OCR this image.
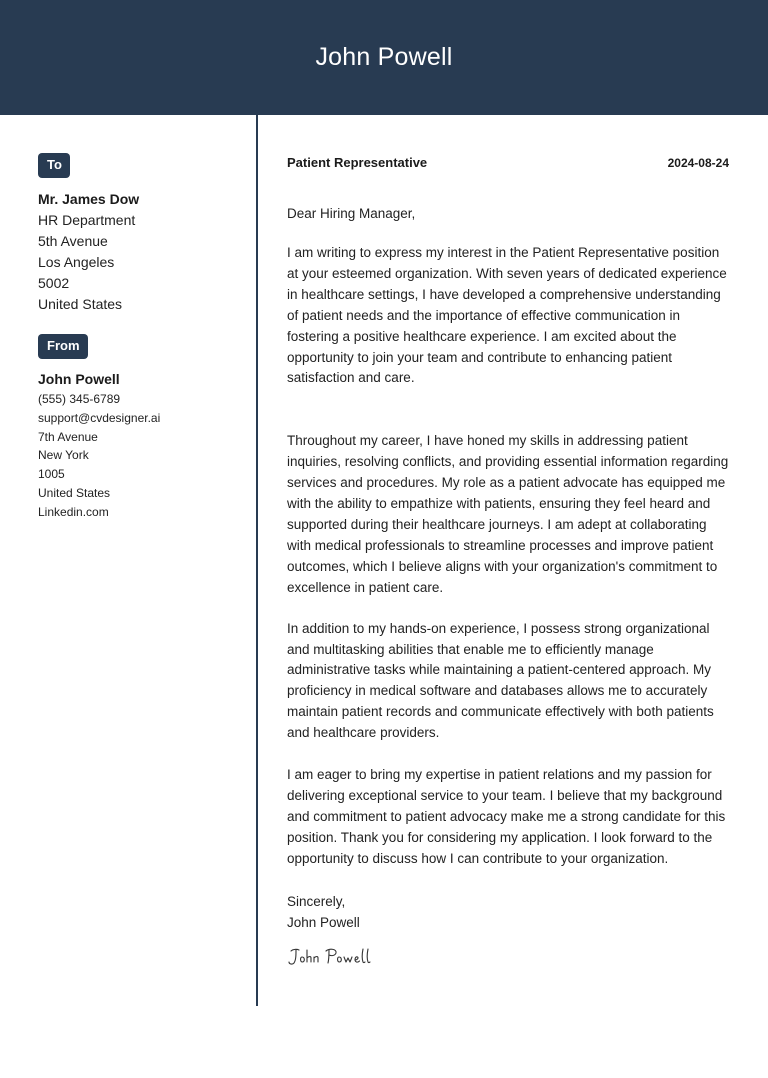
John Powell
To
Mr. James Dow
HR Department
5th Avenue
Los Angeles
5002
United States
From
John Powell
(555) 345-6789
support@cvdesigner.ai
7th Avenue
New York
1005
United States
Linkedin.com
Patient Representative	2024-08-24
Dear Hiring Manager,

I am writing to express my interest in the Patient Representative position at your esteemed organization. With seven years of dedicated experience in healthcare settings, I have developed a comprehensive understanding of patient needs and the importance of effective communication in fostering a positive healthcare experience. I am excited about the opportunity to join your team and contribute to enhancing patient satisfaction and care.

Throughout my career, I have honed my skills in addressing patient inquiries, resolving conflicts, and providing essential information regarding services and procedures. My role as a patient advocate has equipped me with the ability to empathize with patients, ensuring they feel heard and supported during their healthcare journeys. I am adept at collaborating with medical professionals to streamline processes and improve patient outcomes, which I believe aligns with your organization's commitment to excellence in patient care.

In addition to my hands-on experience, I possess strong organizational and multitasking abilities that enable me to efficiently manage administrative tasks while maintaining a patient-centered approach. My proficiency in medical software and databases allows me to accurately maintain patient records and communicate effectively with both patients and healthcare providers.

I am eager to bring my expertise in patient relations and my passion for delivering exceptional service to your team. I believe that my background and commitment to patient advocacy make me a strong candidate for this position. Thank you for considering my application. I look forward to the opportunity to discuss how I can contribute to your organization.

Sincerely,
John Powell
